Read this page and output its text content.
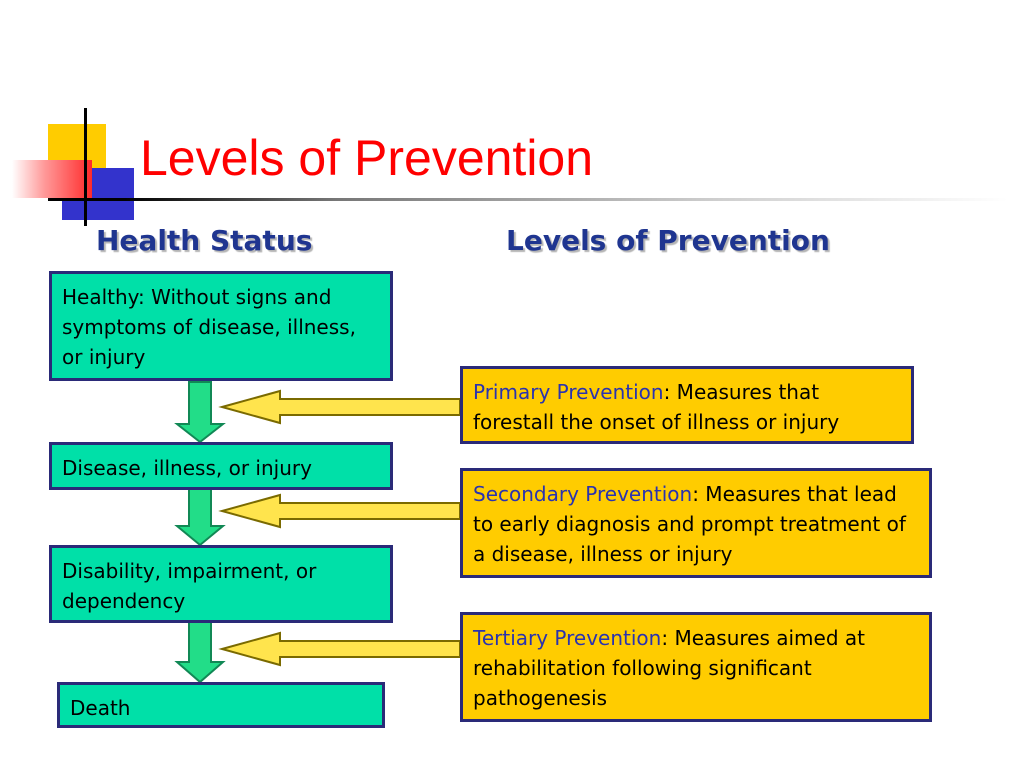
Levels of Prevention
Health Status	Levels of Prevention
Healthy: Without signs and symptoms of disease, illness, or injury
Disease, illness, or injury
Disability, impairment, or dependency
Death
Primary Prevention: Measures that forestall the onset of illness or injury
Secondary Prevention: Measures that lead to early diagnosis and prompt treatment of a disease, illness or injury
Tertiary Prevention: Measures aimed at rehabilitation following significant pathogenesis
